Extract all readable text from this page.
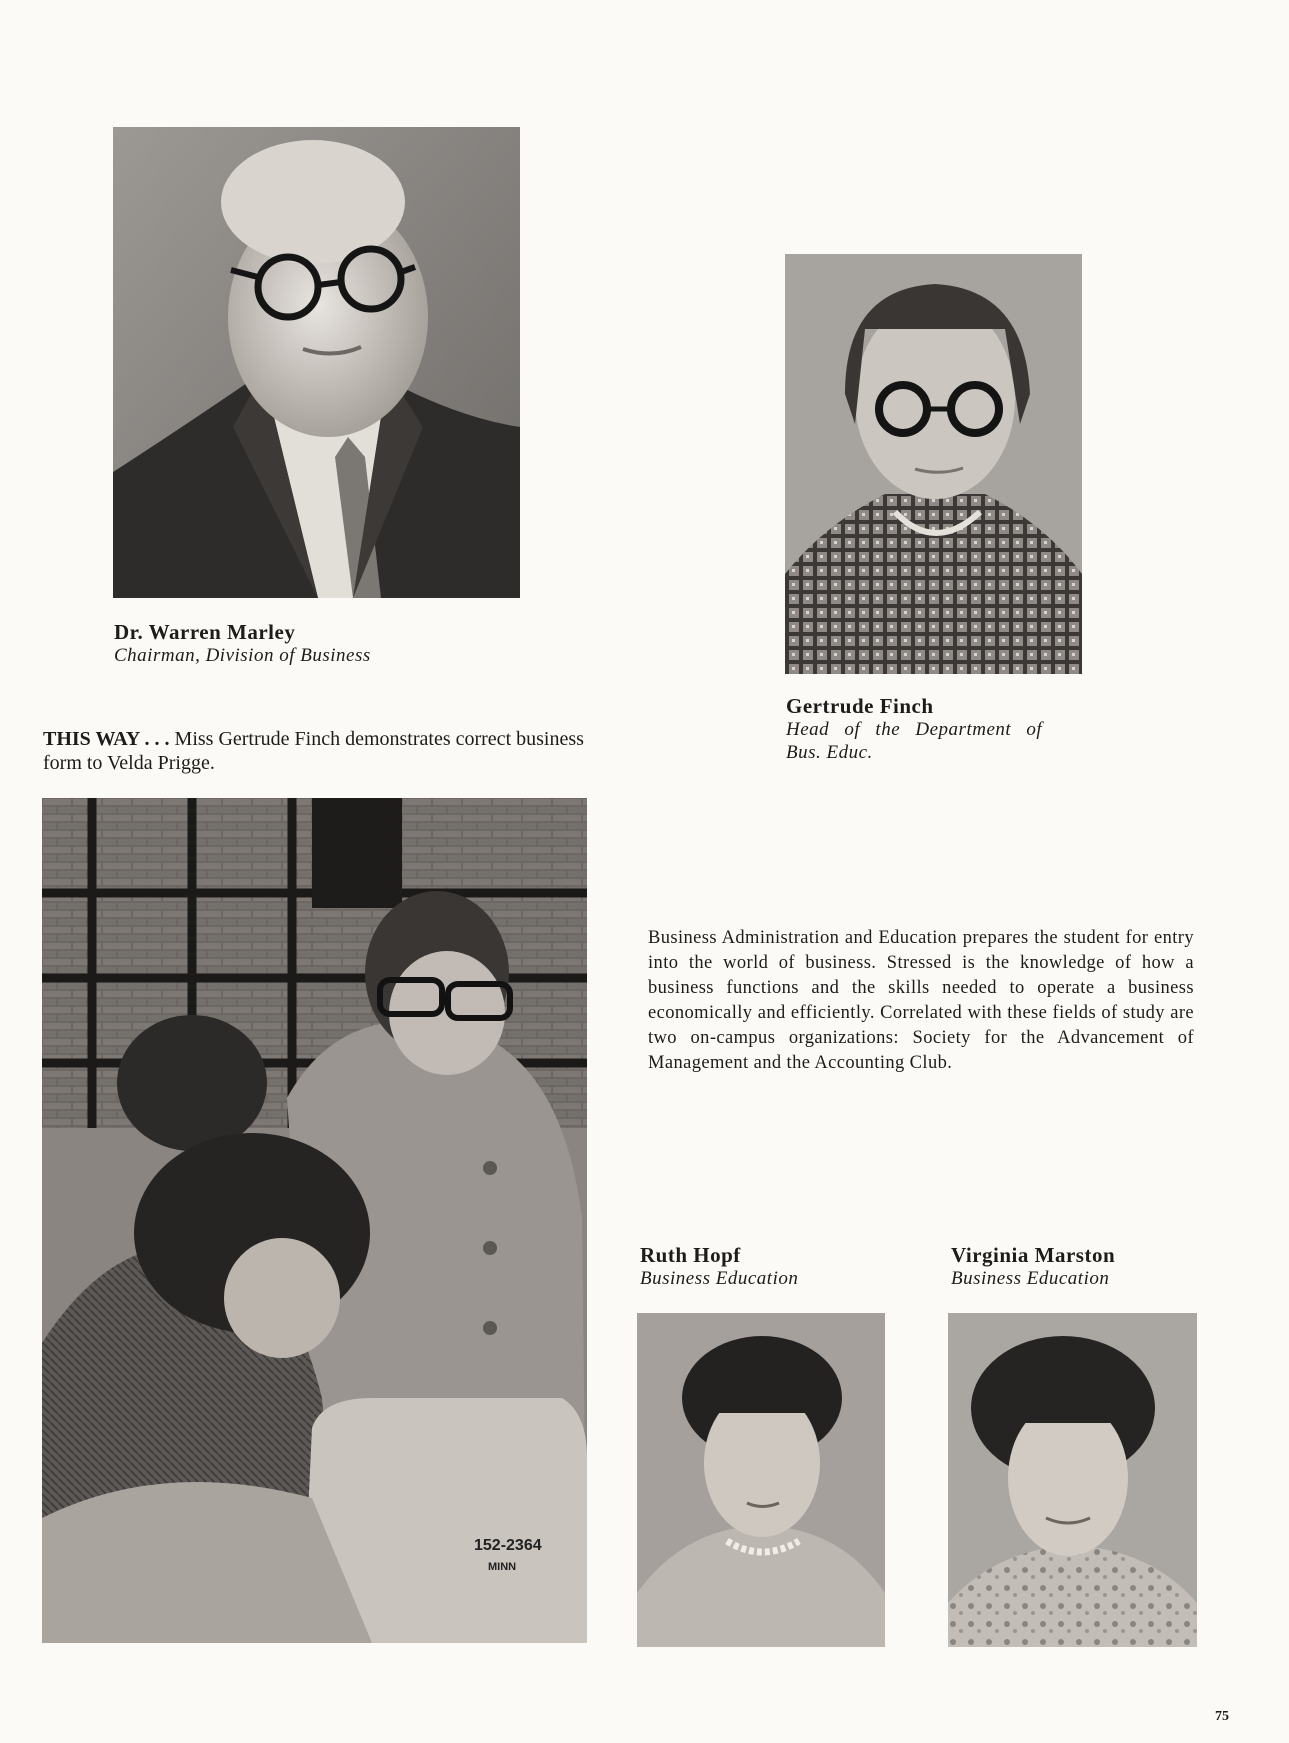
Dr. Warren Marley
Chairman, Division of Business
Gertrude Finch
Head of the Department of
Bus. Educ.
THIS WAY . . . Miss Gertrude Finch demonstrates correct business form to Velda Prigge.
152-2364
MINN
Business Administration and Education prepares the student for entry into the world of business. Stressed is the knowledge of how a business functions and the skills needed to operate a business economically and efficiently. Correlated with these fields of study are two on-campus organizations: Society for the Advancement of Management and the Accounting Club.
Ruth Hopf
Business Education
Virginia Marston
Business Education
75
